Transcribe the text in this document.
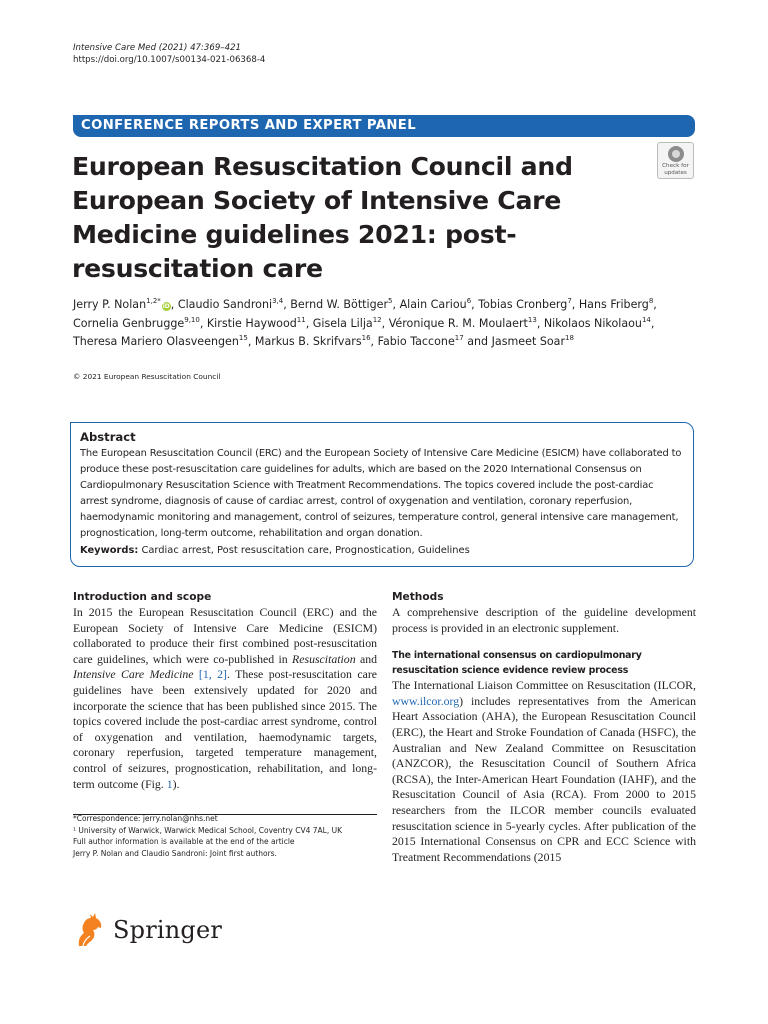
Intensive Care Med (2021) 47:369–421
https://doi.org/10.1007/s00134-021-06368-4
CONFERENCE REPORTS AND EXPERT PANEL
Check for
updates
European Resuscitation Council and European Society of Intensive Care Medicine guidelines 2021: post-resuscitation care
Jerry P. Nolan$^{1,2*}$iD, Claudio Sandroni$^{3,4}$, Bernd W. Böttiger$^5$, Alain Cariou$^6$, Tobias Cronberg$^7$, Hans Friberg$^8$, Cornelia Genbrugge$^{9,10}$, Kirstie Haywood$^{11}$, Gisela Lilja$^{12}$, Véronique R. M. Moulaert$^{13}$, Nikolaos Nikolaou$^{14}$, Theresa Mariero Olasveengen$^{15}$, Markus B. Skrifvars$^{16}$, Fabio Taccone$^{17}$ and Jasmeet Soar$^{18}$
© 2021 European Resuscitation Council
Abstract
The European Resuscitation Council (ERC) and the European Society of Intensive Care Medicine (ESICM) have collaborated to produce these post-resuscitation care guidelines for adults, which are based on the 2020 International Consensus on Cardiopulmonary Resuscitation Science with Treatment Recommendations. The topics covered include the post-cardiac arrest syndrome, diagnosis of cause of cardiac arrest, control of oxygenation and ventilation, coronary reperfusion, haemodynamic monitoring and management, control of seizures, temperature control, general intensive care management, prognostication, long-term outcome, rehabilitation and organ donation.
Keywords: Cardiac arrest, Post resuscitation care, Prognostication, Guidelines
Introduction and scope

In 2015 the European Resuscitation Council (ERC) and the European Society of Intensive Care Medicine (ESICM) collaborated to produce their first combined post-resuscitation care guidelines, which were co-published in Resuscitation and Intensive Care Medicine [1, 2]. These post-resuscitation care guidelines have been extensively updated for 2020 and incorporate the science that has been published since 2015. The topics covered include the post-cardiac arrest syndrome, control of oxygenation and ventilation, haemodynamic targets, coronary reperfusion, targeted temperature management, control of seizures, prognostication, rehabilitation, and long-term outcome (Fig. 1).

*Correspondence: jerry.nolan@nhs.net
¹ University of Warwick, Warwick Medical School, Coventry CV4 7AL, UK
Full author information is available at the end of the article
Jerry P. Nolan and Claudio Sandroni: Joint first authors.
Methods

A comprehensive description of the guideline development process is provided in an electronic supplement.

The international consensus on cardiopulmonary resuscitation science evidence review process

The International Liaison Committee on Resuscitation (ILCOR, www.ilcor.org) includes representatives from the American Heart Association (AHA), the European Resuscitation Council (ERC), the Heart and Stroke Foundation of Canada (HSFC), the Australian and New Zealand Committee on Resuscitation (ANZCOR), the Resuscitation Council of Southern Africa (RCSA), the Inter-American Heart Foundation (IAHF), and the Resuscitation Council of Asia (RCA). From 2000 to 2015 researchers from the ILCOR member councils evaluated resuscitation science in 5-yearly cycles. After publication of the 2015 International Consensus on CPR and ECC Science with Treatment Recommendations (2015

Springer
